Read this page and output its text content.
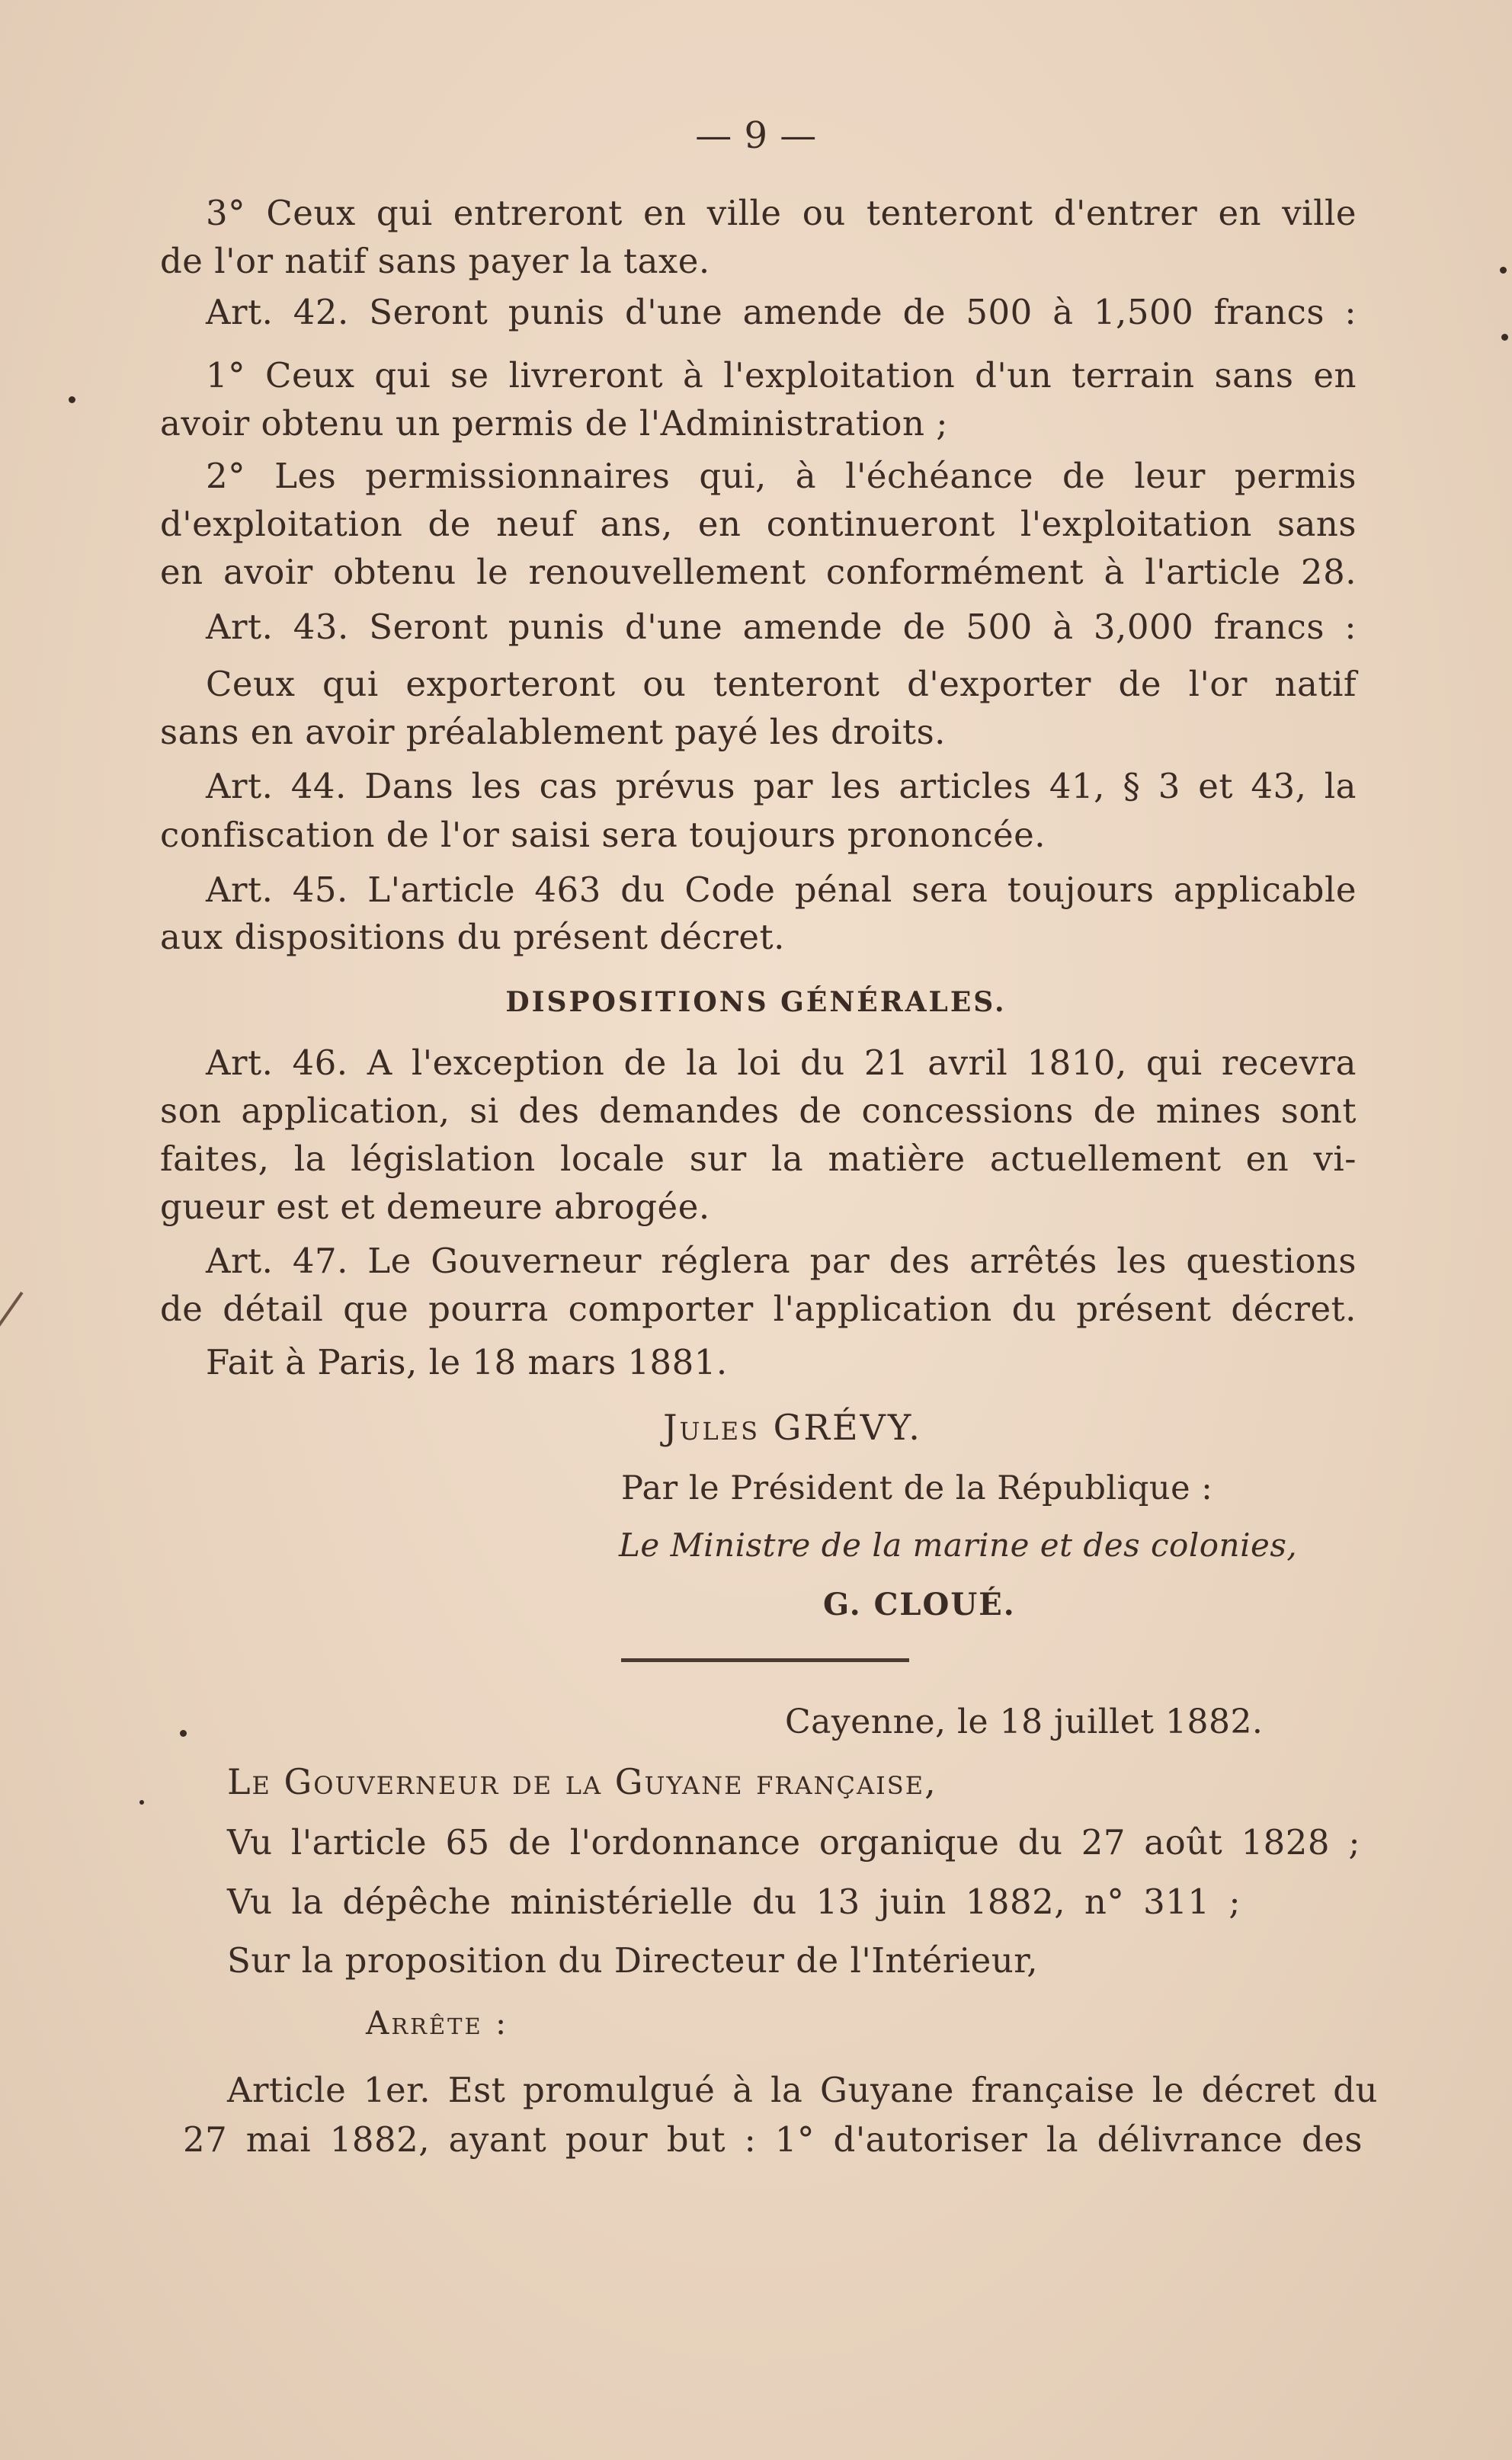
— 9 —
3° Ceux qui entreront en ville ou tenteront d'entrer en ville
de l'or natif sans payer la taxe.
Art. 42. Seront punis d'une amende de 500 à 1,500 francs :
1° Ceux qui se livreront à l'exploitation d'un terrain sans en
avoir obtenu un permis de l'Administration ;
2° Les permissionnaires qui, à l'échéance de leur permis
d'exploitation de neuf ans, en continueront l'exploitation sans
en avoir obtenu le renouvellement conformément à l'article 28.
Art. 43. Seront punis d'une amende de 500 à 3,000 francs :
Ceux qui exporteront ou tenteront d'exporter de l'or natif
sans en avoir préalablement payé les droits.
Art. 44. Dans les cas prévus par les articles 41, § 3 et 43, la
confiscation de l'or saisi sera toujours prononcée.
Art. 45. L'article 463 du Code pénal sera toujours applicable
aux dispositions du présent décret.
DISPOSITIONS GÉNÉRALES.
Art. 46. A l'exception de la loi du 21 avril 1810, qui recevra
son application, si des demandes de concessions de mines sont
faites, la législation locale sur la matière actuellement en vi-
gueur est et demeure abrogée.
Art. 47. Le Gouverneur réglera par des arrêtés les questions
de détail que pourra comporter l'application du présent décret.
Fait à Paris, le 18 mars 1881.
Jules GRÉVY.
Par le Président de la République :
Le Ministre de la marine et des colonies,
G. CLOUÉ.
Cayenne, le 18 juillet 1882.
Le Gouverneur de la Guyane française,
Vu l'article 65 de l'ordonnance organique du 27 août 1828 ;
Vu la dépêche ministérielle du 13 juin 1882, n° 311 ;
Sur la proposition du Directeur de l'Intérieur,
Arrête :
Article 1er. Est promulgué à la Guyane française le décret du
27 mai 1882, ayant pour but : 1° d'autoriser la délivrance des
